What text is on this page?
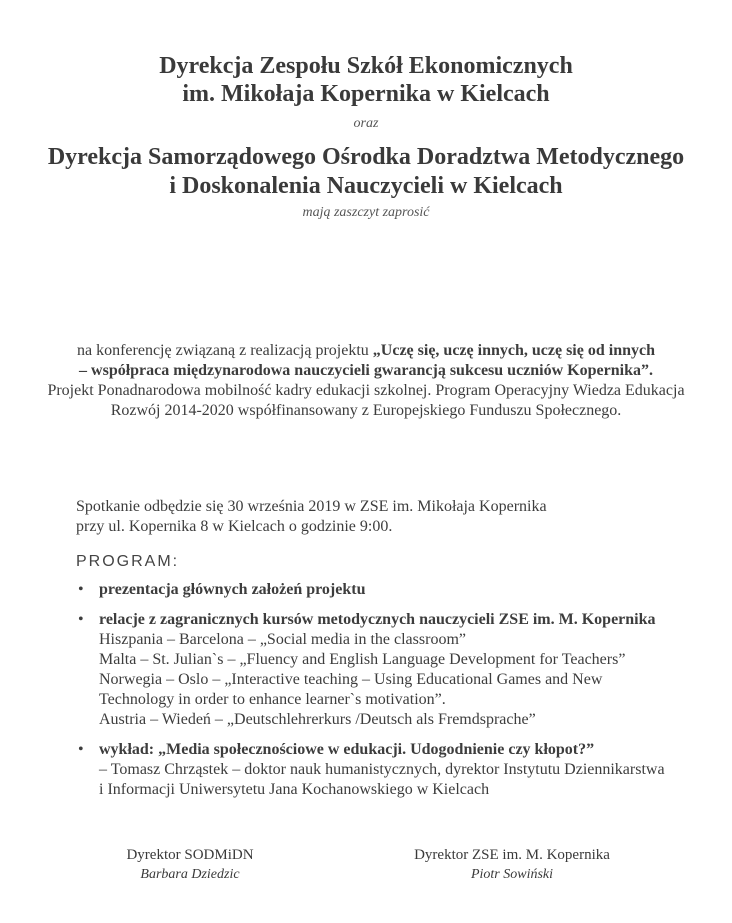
Dyrekcja Zespołu Szkół Ekonomicznych
im. Mikołaja Kopernika w Kielcach
oraz
Dyrekcja Samorządowego Ośrodka Doradztwa Metodycznego
i Doskonalenia Nauczycieli w Kielcach
mają zaszczyt zaprosić
na konferencję związaną z realizacją projektu „Uczę się, uczę innych, uczę się od innych
– współpraca międzynarodowa nauczycieli gwarancją sukcesu uczniów Kopernika”.
Projekt Ponadnarodowa mobilność kadry edukacji szkolnej. Program Operacyjny Wiedza Edukacja
Rozwój 2014-2020 współfinansowany z Europejskiego Funduszu Społecznego.
Spotkanie odbędzie się 30 września 2019 w ZSE im. Mikołaja Kopernika
przy ul. Kopernika 8 w Kielcach o godzinie 9:00.
PROGRAM:
• prezentacja głównych założeń projektu
• relacje z zagranicznych kursów metodycznych nauczycieli ZSE im. M. Kopernika
Hiszpania – Barcelona – „Social media in the classroom”
Malta – St. Julian`s – „Fluency and English Language Development for Teachers”
Norwegia – Oslo – „Interactive teaching – Using Educational Games and New
Technology in order to enhance learner`s motivation”.
Austria – Wiedeń – „Deutschlehrerkurs /Deutsch als Fremdsprache”
• wykład: „Media społecznościowe w edukacji. Udogodnienie czy kłopot?”
– Tomasz Chrząstek – doktor nauk humanistycznych, dyrektor Instytutu Dziennikarstwa
i Informacji Uniwersytetu Jana Kochanowskiego w Kielcach
Dyrektor SODMiDN
Barbara Dziedzic
Dyrektor ZSE im. M. Kopernika
Piotr Sowiński
